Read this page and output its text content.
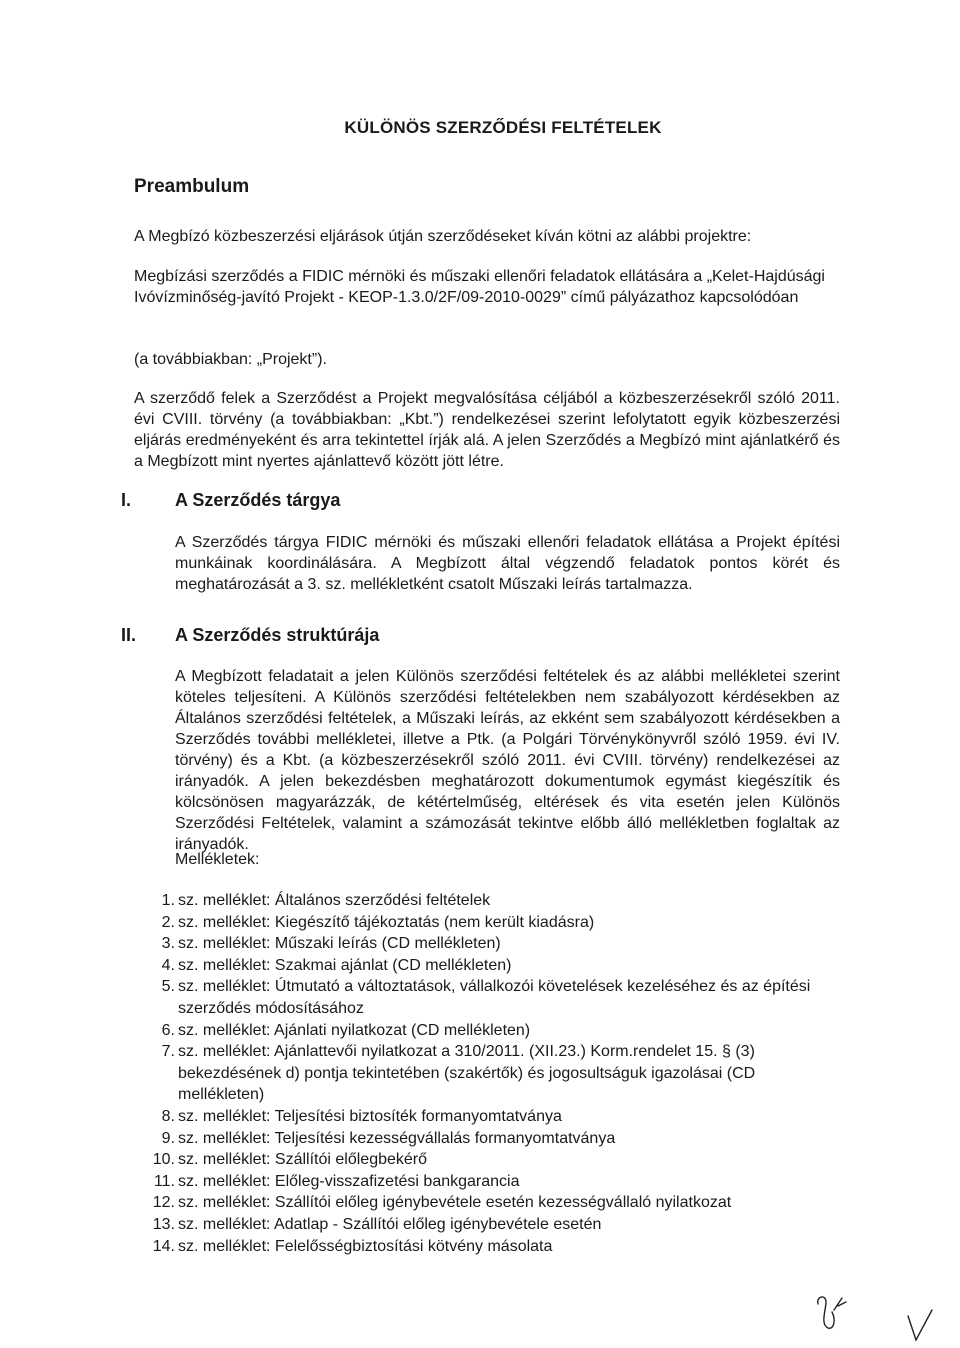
KÜLÖNÖS SZERZŐDÉSI FELTÉTELEK
Preambulum
A Megbízó közbeszerzési eljárások útján szerződéseket kíván kötni az alábbi projektre:
Megbízási szerződés a FIDIC mérnöki és műszaki ellenőri feladatok ellátására a „Kelet-Hajdúsági Ivóvízminőség-javító Projekt - KEOP-1.3.0/2F/09-2010-0029” című pályázathoz kapcsolódóan
(a továbbiakban: „Projekt”).
A szerződő felek a Szerződést a Projekt megvalósítása céljából a közbeszerzésekről szóló 2011. évi CVIII. törvény (a továbbiakban: „Kbt.”) rendelkezései szerint lefolytatott egyik közbeszerzési eljárás eredményeként és arra tekintettel írják alá. A jelen Szerződés a Megbízó mint ajánlatkérő és a Megbízott mint nyertes ajánlattevő között jött létre.
I. A Szerződés tárgya
A Szerződés tárgya FIDIC mérnöki és műszaki ellenőri feladatok ellátása a Projekt építési munkáinak koordinálására. A Megbízott által végzendő feladatok pontos körét és meghatározását a 3. sz. mellékletként csatolt Műszaki leírás tartalmazza.
II. A Szerződés struktúrája
A Megbízott feladatait a jelen Különös szerződési feltételek és az alábbi mellékletei szerint köteles teljesíteni. A Különös szerződési feltételekben nem szabályozott kérdésekben az Általános szerződési feltételek, a Műszaki leírás, az ekként sem szabályozott kérdésekben a Szerződés további mellékletei, illetve a Ptk. (a Polgári Törvénykönyvről szóló 1959. évi IV. törvény) és a Kbt. (a közbeszerzésekről szóló 2011. évi CVIII. törvény) rendelkezései az irányadók. A jelen bekezdésben meghatározott dokumentumok egymást kiegészítik és kölcsönösen magyarázzák, de kétértelműség, eltérések és vita esetén jelen Különös Szerződési Feltételek, valamint a számozását tekintve előbb álló mellékletben foglaltak az irányadók.
Mellékletek:
1. sz. melléklet: Általános szerződési feltételek
2. sz. melléklet: Kiegészítő tájékoztatás (nem került kiadásra)
3. sz. melléklet: Műszaki leírás (CD mellékleten)
4. sz. melléklet: Szakmai ajánlat (CD mellékleten)
5. sz. melléklet: Útmutató a változtatások, vállalkozói követelések kezeléséhez és az építési szerződés módosításához
6. sz. melléklet: Ajánlati nyilatkozat (CD mellékleten)
7. sz. melléklet: Ajánlattevői nyilatkozat a 310/2011. (XII.23.) Korm.rendelet 15. § (3) bekezdésének d) pontja tekintetében (szakértők) és jogosultságuk igazolásai (CD mellékleten)
8. sz. melléklet: Teljesítési biztosíték formanyomtatványa
9. sz. melléklet: Teljesítési kezességvállalás formanyomtatványa
10. sz. melléklet: Szállítói előlegbekérő
11. sz. melléklet: Előleg-visszafizetési bankgarancia
12. sz. melléklet: Szállítói előleg igénybevétele esetén kezességvállaló nyilatkozat
13. sz. melléklet: Adatlap - Szállítói előleg igénybevétele esetén
14. sz. melléklet: Felelősségbiztosítási kötvény másolata
